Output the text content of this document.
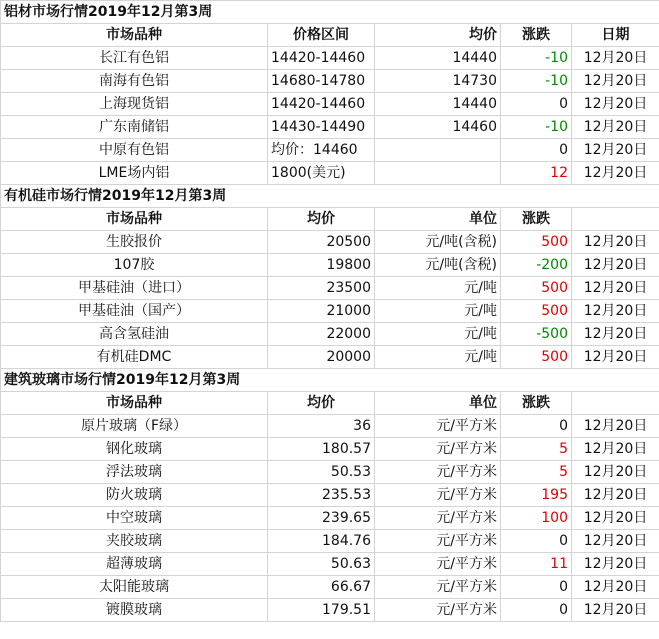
铝材市场行情2019年12月第3周				
市场品种	价格区间	均价	涨跌	日期
长江有色铝	14420-14460	14440	-10	12月20日
南海有色铝	14680-14780	14730	-10	12月20日
上海现货铝	14420-14460	14440	0	12月20日
广东南储铝	14430-14490	14460	-10	12月20日
中原有色铝	均价：14460		0	12月20日
LME场内铝	1800(美元)		12	12月20日
有机硅市场行情2019年12月第3周				
市场品种	均价	单位	涨跌	
生胶报价	20500	元/吨(含税)	500	12月20日
107胶	19800	元/吨(含税)	-200	12月20日
甲基硅油（进口）	23500	元/吨	500	12月20日
甲基硅油（国产）	21000	元/吨	500	12月20日
高含氢硅油	22000	元/吨	-500	12月20日
有机硅DMC	20000	元/吨	500	12月20日
建筑玻璃市场行情2019年12月第3周				
市场品种	均价	单位	涨跌	
原片玻璃（F绿）	36	元/平方米	0	12月20日
钢化玻璃	180.57	元/平方米	5	12月20日
浮法玻璃	50.53	元/平方米	5	12月20日
防火玻璃	235.53	元/平方米	195	12月20日
中空玻璃	239.65	元/平方米	100	12月20日
夹胶玻璃	184.76	元/平方米	0	12月20日
超薄玻璃	50.63	元/平方米	11	12月20日
太阳能玻璃	66.67	元/平方米	0	12月20日
镀膜玻璃	179.51	元/平方米	0	12月20日
